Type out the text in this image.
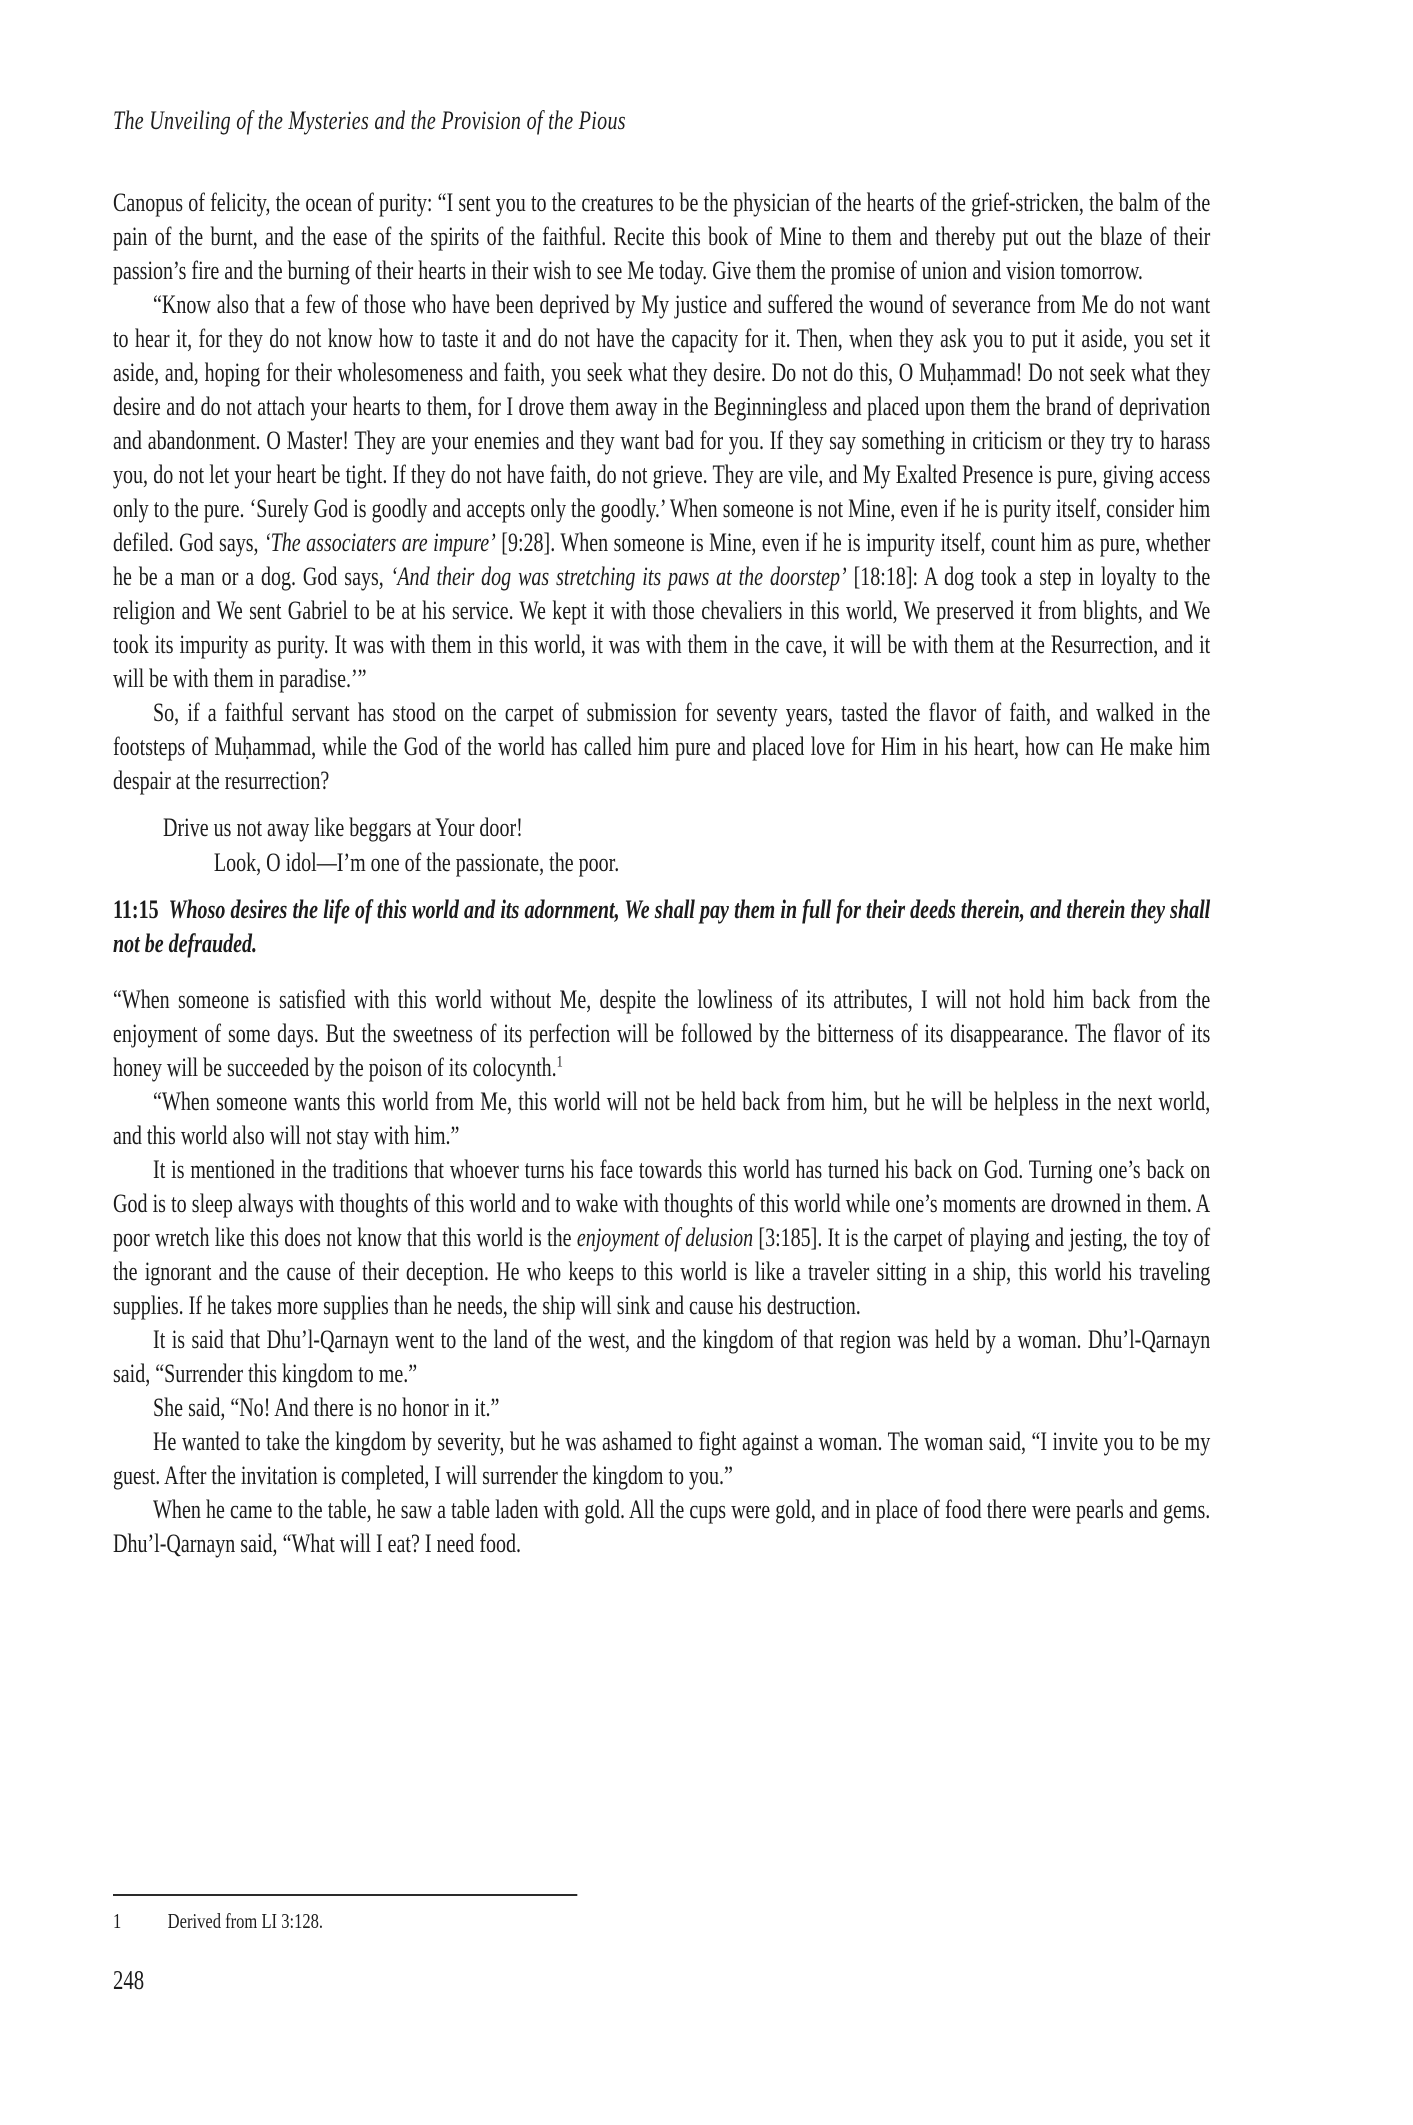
The Unveiling of the Mysteries and the Provision of the Pious

Canopus of felicity, the ocean of purity: “I sent you to the creatures to be the physician of the hearts of the grief-stricken, the balm of the pain of the burnt, and the ease of the spirits of the faithful. Recite this book of Mine to them and thereby put out the blaze of their passion’s fire and the burning of their hearts in their wish to see Me today. Give them the promise of union and vision tomorrow.

“Know also that a few of those who have been deprived by My justice and suffered the wound of severance from Me do not want to hear it, for they do not know how to taste it and do not have the capacity for it. Then, when they ask you to put it aside, you set it aside, and, hoping for their wholesomeness and faith, you seek what they desire. Do not do this, O Muḥammad! Do not seek what they desire and do not attach your hearts to them, for I drove them away in the Beginningless and placed upon them the brand of deprivation and abandonment. O Master! They are your enemies and they want bad for you. If they say something in criticism or they try to harass you, do not let your heart be tight. If they do not have faith, do not grieve. They are vile, and My Exalted Presence is pure, giving access only to the pure. ‘Surely God is goodly and accepts only the goodly.’ When someone is not Mine, even if he is purity itself, consider him defiled. God says, ‘The associaters are impure’ [9:28]. When someone is Mine, even if he is impurity itself, count him as pure, whether he be a man or a dog. God says, ‘And their dog was stretching its paws at the doorstep’ [18:18]: A dog took a step in loyalty to the religion and We sent Gabriel to be at his service. We kept it with those chevaliers in this world, We preserved it from blights, and We took its impurity as purity. It was with them in this world, it was with them in the cave, it will be with them at the Resurrection, and it will be with them in paradise.’”

So, if a faithful servant has stood on the carpet of submission for seventy years, tasted the flavor of faith, and walked in the footsteps of Muḥammad, while the God of the world has called him pure and placed love for Him in his heart, how can He make him despair at the resurrection?

Drive us not away like beggars at Your door!
Look, O idol—I’m one of the passionate, the poor.

11:15 Whoso desires the life of this world and its adornment, We shall pay them in full for their deeds therein, and therein they shall not be defrauded.

“When someone is satisfied with this world without Me, despite the lowliness of its attributes, I will not hold him back from the enjoyment of some days. But the sweetness of its perfection will be followed by the bitterness of its disappearance. The flavor of its honey will be succeeded by the poison of its colocynth.$^1$

“When someone wants this world from Me, this world will not be held back from him, but he will be helpless in the next world, and this world also will not stay with him.”

It is mentioned in the traditions that whoever turns his face towards this world has turned his back on God. Turning one’s back on God is to sleep always with thoughts of this world and to wake with thoughts of this world while one’s moments are drowned in them. A poor wretch like this does not know that this world is the enjoyment of delusion [3:185]. It is the carpet of playing and jesting, the toy of the ignorant and the cause of their deception. He who keeps to this world is like a traveler sitting in a ship, this world his traveling supplies. If he takes more supplies than he needs, the ship will sink and cause his destruction.

It is said that Dhu’l-Qarnayn went to the land of the west, and the kingdom of that region was held by a woman. Dhu’l-Qarnayn said, “Surrender this kingdom to me.”

She said, “No! And there is no honor in it.”

He wanted to take the kingdom by severity, but he was ashamed to fight against a woman. The woman said, “I invite you to be my guest. After the invitation is completed, I will surrender the kingdom to you.”

When he came to the table, he saw a table laden with gold. All the cups were gold, and in place of food there were pearls and gems. Dhu’l-Qarnayn said, “What will I eat? I need food.

1 Derived from LI 3:128.
248
